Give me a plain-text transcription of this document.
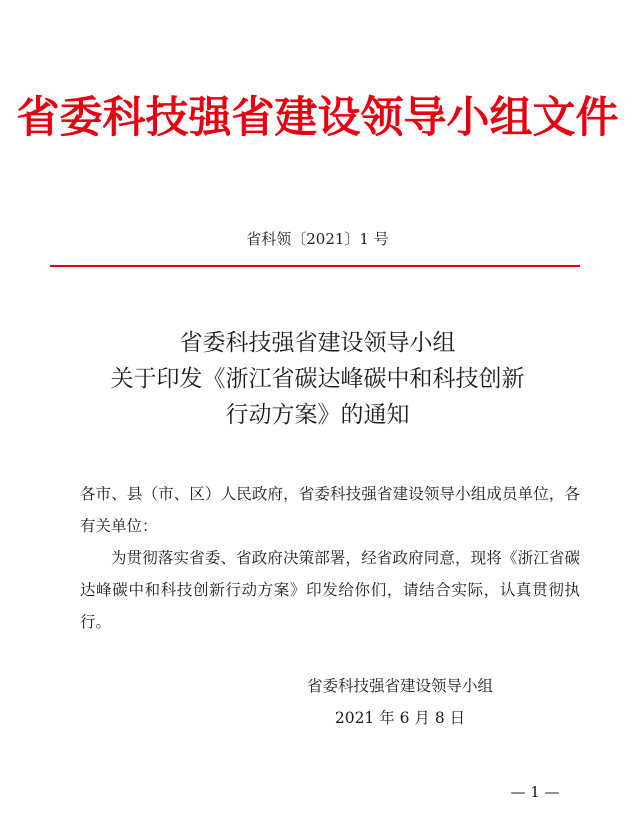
省委科技强省建设领导小组文件
省科领〔2021〕1 号
省委科技强省建设领导小组
关于印发《浙江省碳达峰碳中和科技创新
行动方案》的通知

各市、县（市、区）人民政府，省委科技强省建设领导小组成员单位，各有关单位：

为贯彻落实省委、省政府决策部署，经省政府同意，现将《浙江省碳达峰碳中和科技创新行动方案》印发给你们，请结合实际，认真贯彻执行。

省委科技强省建设领导小组
2021 年 6 月 8 日
— 1 —
